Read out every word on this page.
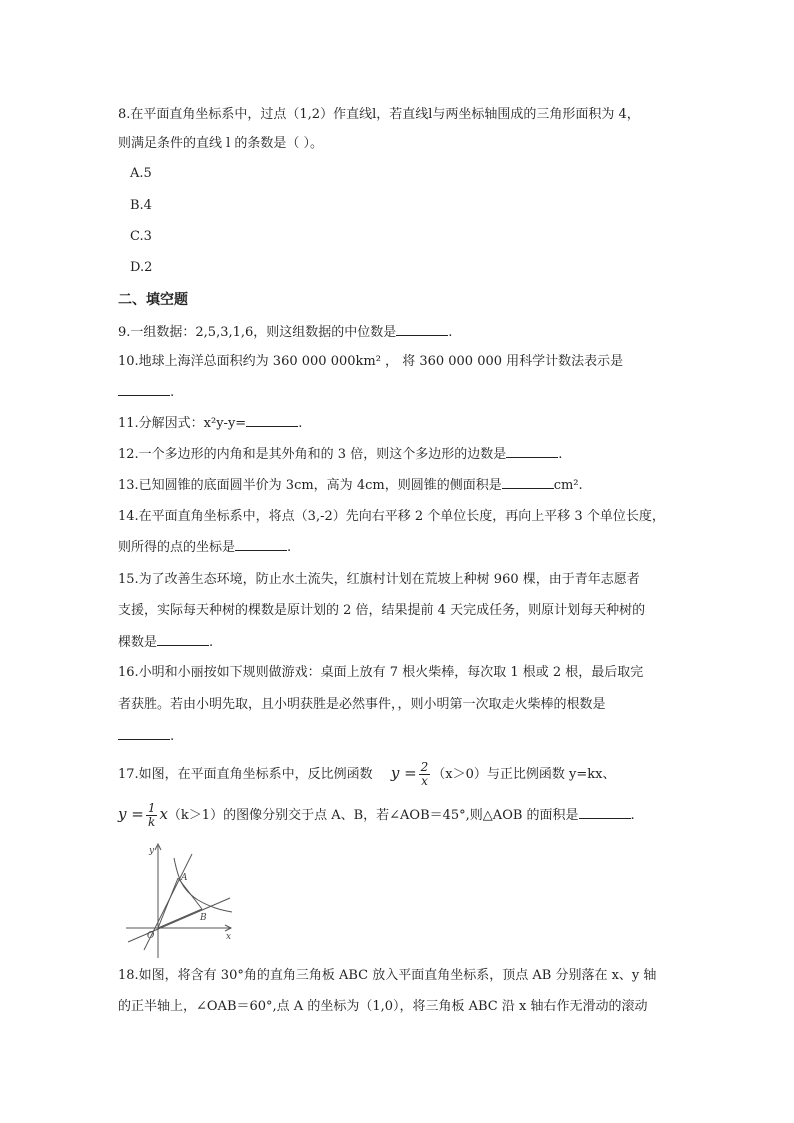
8.在平面直角坐标系中，过点（1,2）作直线l，若直线l与两坐标轴围成的三角形面积为 4，
则满足条件的直线 l 的条数是（ ）。
A.5
B.4
C.3
D.2
二、填空题
9.一组数据：2,5,3,1,6，则这组数据的中位数是	.
10.地球上海洋总面积约为 360 000 000km² ， 将 360 000 000 用科学计数法表示是
.
11.分解因式：x²y-y=	.
12.一个多边形的内角和是其外角和的 3 倍，则这个多边形的边数是	.
13.已知圆锥的底面圆半价为 3cm，高为 4cm，则圆锥的侧面积是	cm².
14.在平面直角坐标系中，将点（3,-2）先向右平移 2 个单位长度，再向上平移 3 个单位长度，
则所得的点的坐标是	.
15.为了改善生态环境，防止水土流失，红旗村计划在荒坡上种树 960 棵，由于青年志愿者
支援，实际每天种树的棵数是原计划的 2 倍，结果提前 4 天完成任务，则原计划每天种树的
棵数是	.
16.小明和小丽按如下规则做游戏：桌面上放有 7 根火柴棒，每次取 1 根或 2 根，最后取完
者获胜。若由小明先取，且小明获胜是必然事件，，则小明第一次取走火柴棒的根数是
.
17.如图，在平面直角坐标系中，反比例函数 $y = \frac{2}{x} (x>0)$与正比例函数 y=kx、
$y = \frac{1}{k} x(k>1)$的图像分别交于点 A、B，若∠AOB＝45°,则△AOB 的面积是	.
y
x
O
A
B
18.如图，将含有 30°角的直角三角板 ABC 放入平面直角坐标系，顶点 AB 分别落在 x、y 轴
的正半轴上，∠OAB＝60°,点 A 的坐标为（1,0），将三角板 ABC 沿 x 轴右作无滑动的滚动
